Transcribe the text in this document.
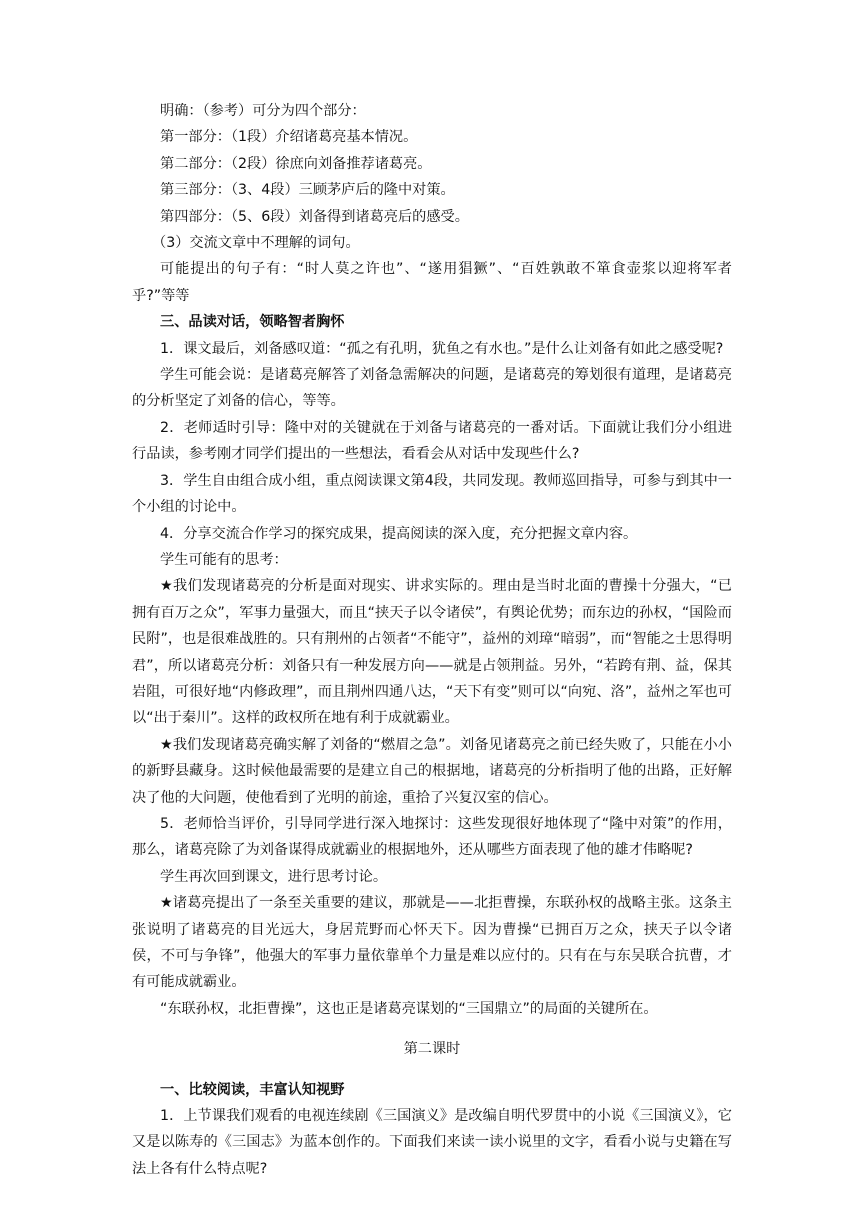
明确：（参考）可分为四个部分：

第一部分：（1段）介绍诸葛亮基本情况。

第二部分：（2段）徐庶向刘备推荐诸葛亮。

第三部分：（3、4段）三顾茅庐后的隆中对策。

第四部分：（5、6段）刘备得到诸葛亮后的感受。

（3）交流文章中不理解的词句。

可能提出的句子有：“时人莫之许也”、“遂用猖獗”、“百姓孰敢不箪食壶浆以迎将军者乎?”等等

三、品读对话，领略智者胸怀

1．课文最后，刘备感叹道：“孤之有孔明，犹鱼之有水也。”是什么让刘备有如此之感受呢?

学生可能会说：是诸葛亮解答了刘备急需解决的问题，是诸葛亮的筹划很有道理，是诸葛亮的分析坚定了刘备的信心，等等。

2．老师适时引导：隆中对的关键就在于刘备与诸葛亮的一番对话。下面就让我们分小组进行品读，参考刚才同学们提出的一些想法，看看会从对话中发现些什么?

3．学生自由组合成小组，重点阅读课文第4段，共同发现。教师巡回指导，可参与到其中一个小组的讨论中。

4．分享交流合作学习的探究成果，提高阅读的深入度，充分把握文章内容。

学生可能有的思考：

★我们发现诸葛亮的分析是面对现实、讲求实际的。理由是当时北面的曹操十分强大，“已拥有百万之众”，军事力量强大，而且“挟天子以令诸侯”，有舆论优势；而东边的孙权，“国险而民附”，也是很难战胜的。只有荆州的占领者“不能守”，益州的刘璋“暗弱”，而“智能之士思得明君”，所以诸葛亮分析：刘备只有一种发展方向——就是占领荆益。另外，“若跨有荆、益，保其岩阻，可很好地“内修政理”，而且荆州四通八达，“天下有变”则可以“向宛、洛”，益州之军也可以“出于秦川”。这样的政权所在地有利于成就霸业。

★我们发现诸葛亮确实解了刘备的“燃眉之急”。刘备见诸葛亮之前已经失败了，只能在小小的新野县藏身。这时候他最需要的是建立自己的根据地，诸葛亮的分析指明了他的出路，正好解决了他的大问题，使他看到了光明的前途，重拾了兴复汉室的信心。

5．老师恰当评价，引导同学进行深入地探讨：这些发现很好地体现了“隆中对策”的作用，那么，诸葛亮除了为刘备谋得成就霸业的根据地外，还从哪些方面表现了他的雄才伟略呢?

学生再次回到课文，进行思考讨论。

★诸葛亮提出了一条至关重要的建议，那就是——北拒曹操，东联孙权的战略主张。这条主张说明了诸葛亮的目光远大，身居荒野而心怀天下。因为曹操“已拥百万之众，挟天子以令诸侯，不可与争锋”，他强大的军事力量依靠单个力量是难以应付的。只有在与东吴联合抗曹，才有可能成就霸业。

“东联孙权，北拒曹操”，这也正是诸葛亮谋划的“三国鼎立”的局面的关键所在。

第二课时

一、比较阅读，丰富认知视野

1．上节课我们观看的电视连续剧《三国演义》是改编自明代罗贯中的小说《三国演义》，它又是以陈寿的《三国志》为蓝本创作的。下面我们来读一读小说里的文字，看看小说与史籍在写法上各有什么特点呢?
